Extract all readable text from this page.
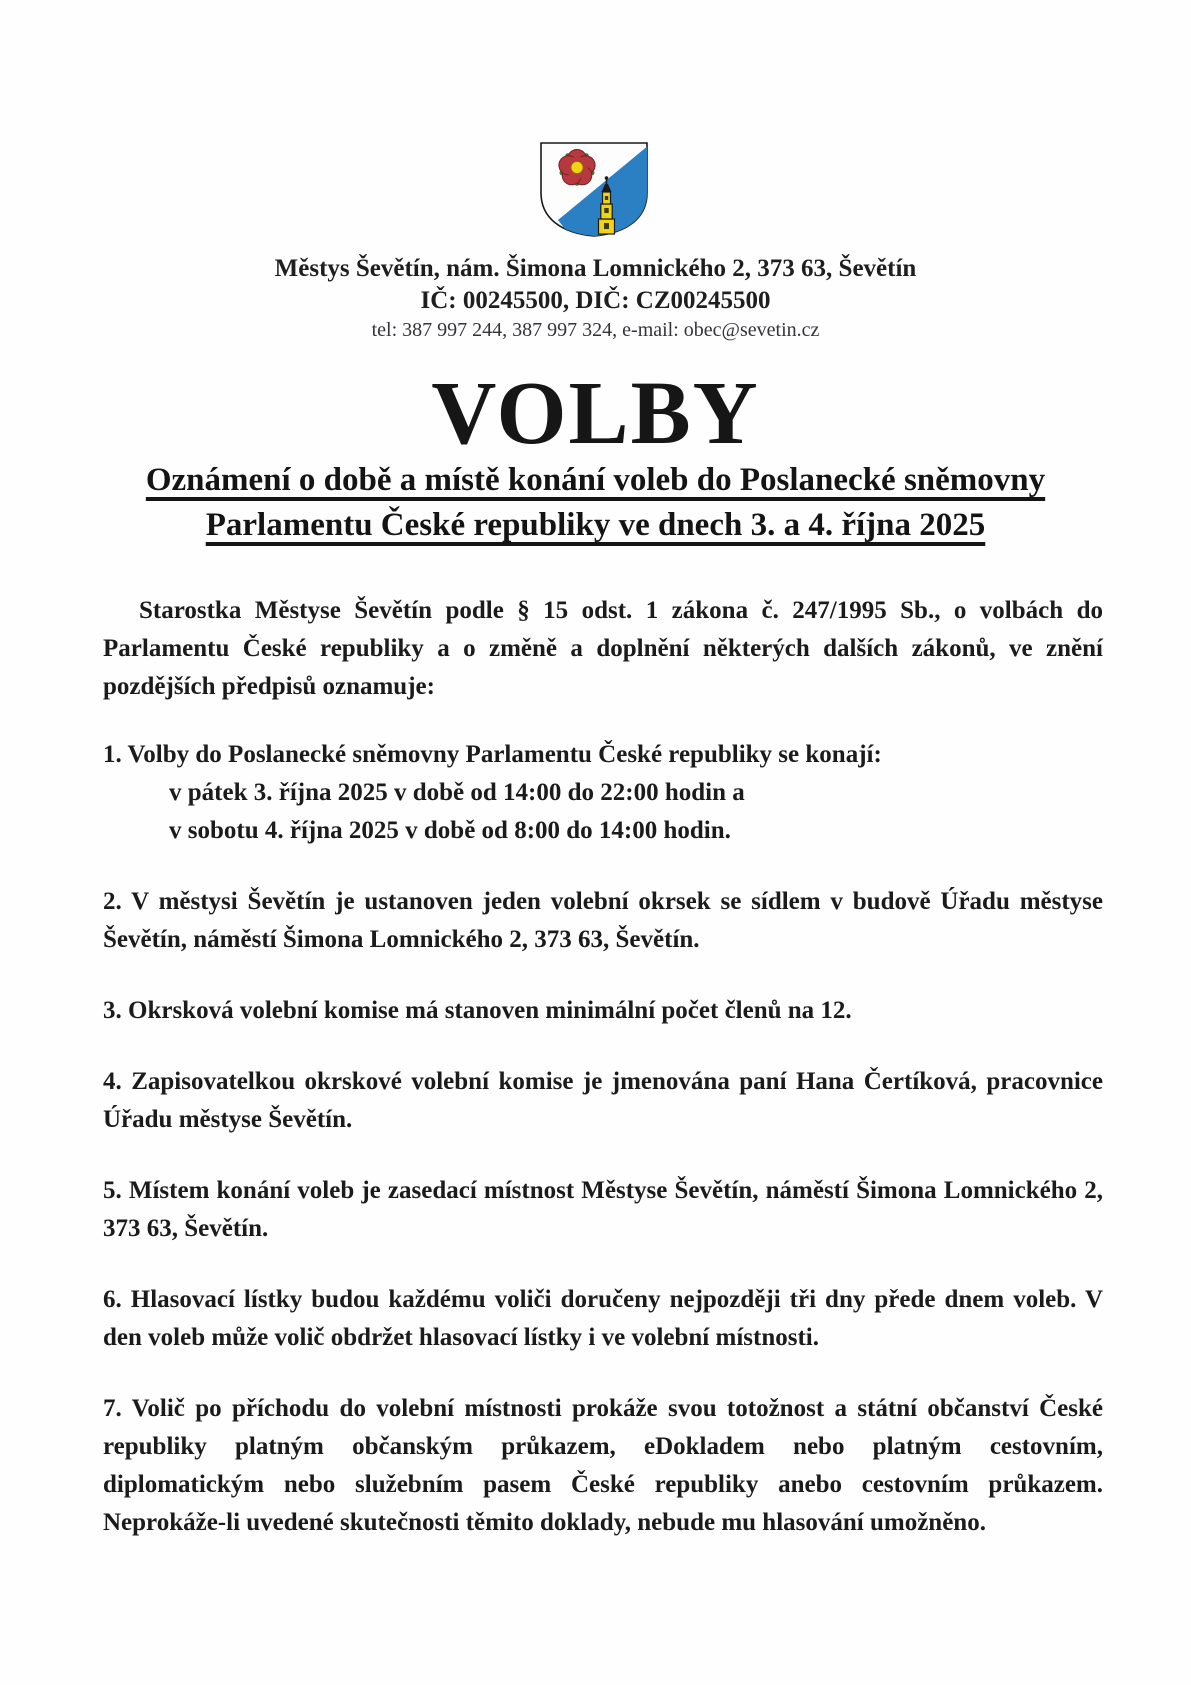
Městys Ševětín, nám. Šimona Lomnického 2, 373 63, Ševětín
IČ: 00245500, DIČ: CZ00245500
tel: 387 997 244, 387 997 324, e-mail: obec@sevetin.cz
VOLBY
Oznámení o době a místě konání voleb do Poslanecké sněmovny
Parlamentu České republiky ve dnech 3. a 4. října 2025

Starostka Městyse Ševětín podle § 15 odst. 1 zákona č. 247/1995 Sb., o volbách do Parlamentu České republiky a o změně a doplnění některých dalších zákonů, ve znění pozdějších předpisů oznamuje:

1. Volby do Poslanecké sněmovny Parlamentu České republiky se konají:
v pátek 3. října 2025 v době od 14:00 do 22:00 hodin a
v sobotu 4. října 2025 v době od 8:00 do 14:00 hodin.
2. V městysi Ševětín je ustanoven jeden volební okrsek se sídlem v budově Úřadu městyse Ševětín, náměstí Šimona Lomnického 2, 373 63, Ševětín.
3. Okrsková volební komise má stanoven minimální počet členů na 12.
4. Zapisovatelkou okrskové volební komise je jmenována paní Hana Čertíková, pracovnice Úřadu městyse Ševětín.
5. Místem konání voleb je zasedací místnost Městyse Ševětín, náměstí Šimona Lomnického 2, 373 63, Ševětín.
6. Hlasovací lístky budou každému voliči doručeny nejpozději tři dny přede dnem voleb. V den voleb může volič obdržet hlasovací lístky i ve volební místnosti.
7. Volič po příchodu do volební místnosti prokáže svou totožnost a státní občanství České republiky platným občanským průkazem, eDokladem nebo platným cestovním, diplomatickým nebo služebním pasem České republiky anebo cestovním průkazem. Neprokáže-li uvedené skutečnosti těmito doklady, nebude mu hlasování umožněno.
